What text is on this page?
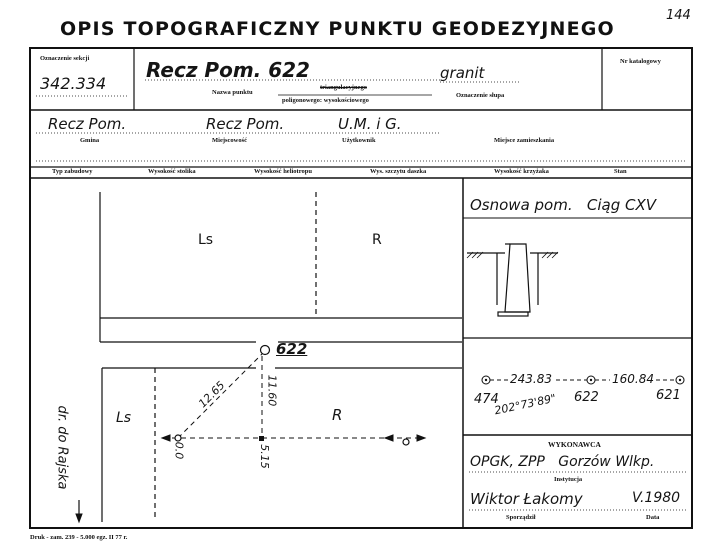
OPIS TOPOGRAFICZNY PUNKTU GEODEZYJNEGO
144
Oznaczenie sekcji
342.334
Recz Pom. 622
Nazwa punktu
triangulacyjnego
poligonowego: wysokościowego
granit
Oznaczenie słupa
Nr katalogowy
Recz Pom.
Gmina
Recz Pom.
Miejscowość
U.M. i G.
Użytkownik	Miejsce zamieszkania
Typ zabudowy	Wysokość stolika	Wysokość heliotropu	Wys. szczytu daszka	Wysokość krzyżaka	Stan
Ls	R
Ls	R
dr. do Rajska
622
12.65	11.60
0.0	5.15
Osnowa pom.   Ciąg CXV
243.83	160.84
202°73'89"
474	622	621
WYKONAWCA
OPGK, ZPP   Gorzów Wlkp.
Instytucja
Wiktor Łakomy	V.1980
Sporządził	Data
Druk - zam. 239 - 5.000 egz. II 77 r.
